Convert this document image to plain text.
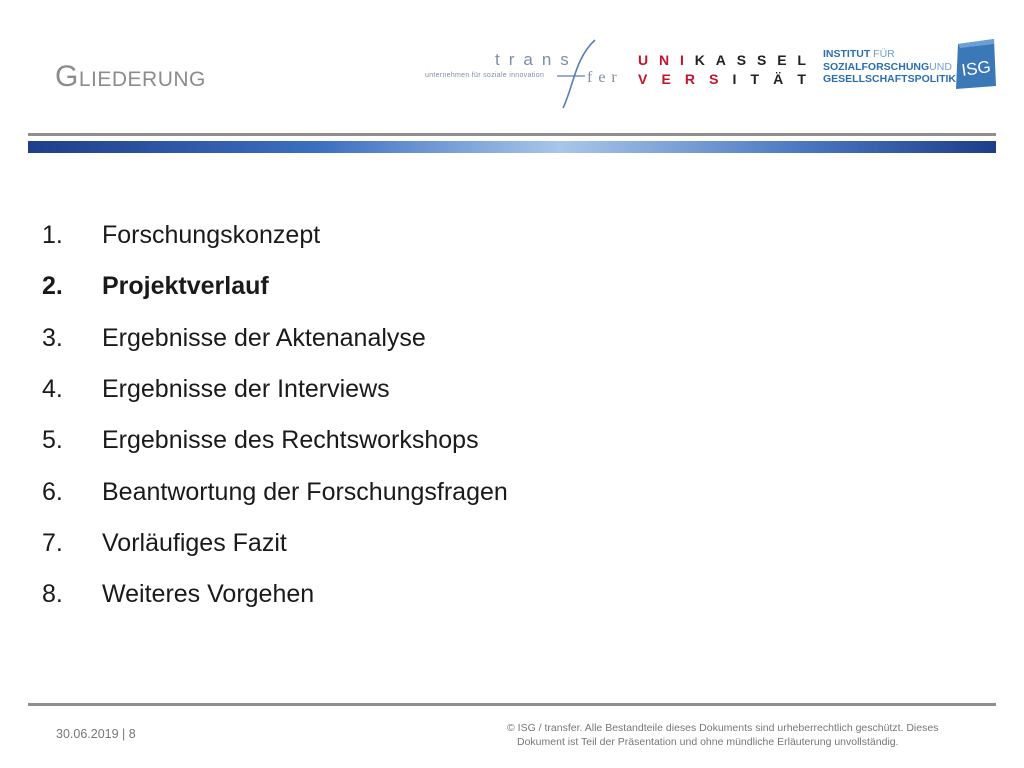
Gliederung
trans
unternehmen für soziale innovation	fer
U N I K A S S E L
V E R S I T Ä T
INSTITUT FÜR
SOZIALFORSCHUNGUND
GESELLSCHAFTSPOLITIK ISG
1.	Forschungskonzept
2.	Projektverlauf
3.	Ergebnisse der Aktenanalyse
4.	Ergebnisse der Interviews
5.	Ergebnisse des Rechtsworkshops
6.	Beantwortung der Forschungsfragen
7.	Vorläufiges Fazit
8.	Weiteres Vorgehen
30.06.2019 | 8	© ISG / transfer. Alle Bestandteile dieses Dokuments sind urheberrechtlich geschützt. Dieses
Dokument ist Teil der Präsentation und ohne mündliche Erläuterung unvollständig.
